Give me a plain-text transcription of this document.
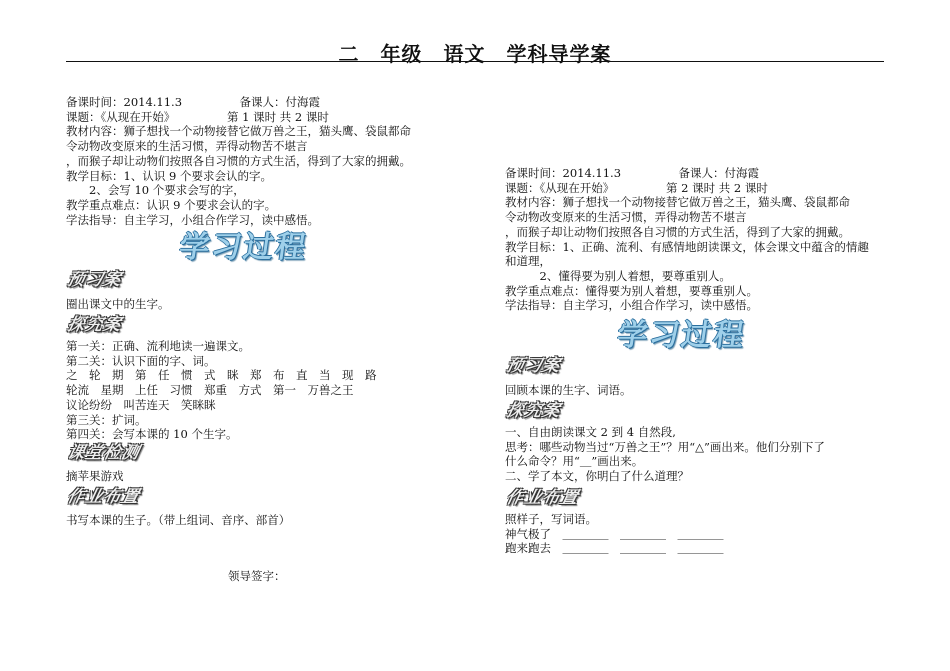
二　年级　语文　学科导学案

备课时间：2014.11.3　　　　　备课人：付海霞

课题：《从现在开始》　　　　　第 1 课时 共 2 课时

教材内容：狮子想找一个动物接替它做万兽之王，猫头鹰、袋鼠都命

令动物改变原来的生活习惯，弄得动物苦不堪言

，而猴子却让动物们按照各自习惯的方式生活，得到了大家的拥戴。

教学目标：1、认识 9 个要求会认的字。

　　2、会写 10 个要求会写的字，

教学重点难点：认识 9 个要求会认的字。

学法指导：自主学习，小组合作学习，读中感悟。

学习过程
预习案

圈出课文中的生字。

探究案

第一关：正确、流利地读一遍课文。

第二关：认识下面的字、词。

之　轮　期　第　任　惯　式　眯　郑　布　直　当　现　路

轮流　星期　上任　习惯　郑重　方式　第一　万兽之王

议论纷纷　叫苦连天　笑眯眯

第三关：扩词。

第四关：会写本课的 10 个生字。

课堂检测

摘苹果游戏

作业布置

书写本课的生子。（带上组词、音序、部首）

领导签字：

备课时间：2014.11.3　　　　　备课人：付海霞

课题：《从现在开始》　　　　　第 2 课时 共 2 课时

教材内容：狮子想找一个动物接替它做万兽之王，猫头鹰、袋鼠都命

令动物改变原来的生活习惯，弄得动物苦不堪言

，而猴子却让动物们按照各自习惯的方式生活，得到了大家的拥戴。

教学目标：1、正确、流利、有感情地朗读课文，体会课文中蕴含的情趣

和道理，

　　　2、懂得要为别人着想，要尊重别人。

教学重点难点：懂得要为别人着想，要尊重别人。

学法指导：自主学习，小组合作学习，读中感悟。

学习过程
预习案

回顾本课的生字、词语。

探究案

一、自由朗读课文 2 到 4 自然段,

思考：哪些动物当过“万兽之王”？用“△”画出来。他们分别下了

什么命令？用“＿”画出来。

二、学了本文，你明白了什么道理？

作业布置

照样子，写词语。

神气极了　＿＿＿＿　＿＿＿＿　＿＿＿＿

跑来跑去　＿＿＿＿　＿＿＿＿　＿＿＿＿
